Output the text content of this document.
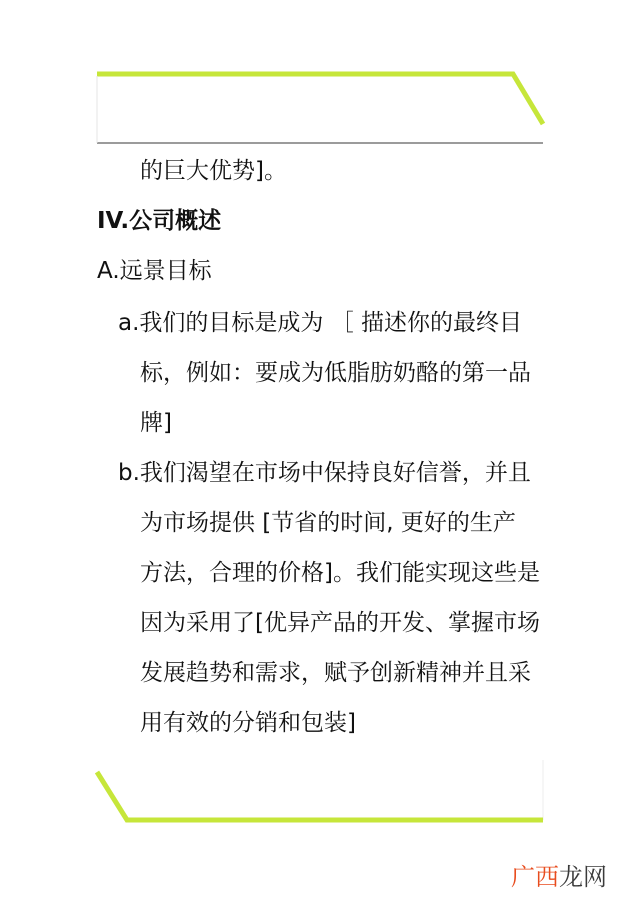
的巨大优势]。
IV.公司概述
A.远景目标
a.我们的目标是成为 ［ 描述你的最终目
标，例如：要成为低脂肪奶酪的第一品
牌]
b.我们渴望在市场中保持良好信誉，并且
为市场提供 [节省的时间, 更好的生产
方法，合理的价格]。我们能实现这些是
因为采用了[优异产品的开发、掌握市场
发展趋势和需求，赋予创新精神并且采
用有效的分销和包装]
广西龙网
